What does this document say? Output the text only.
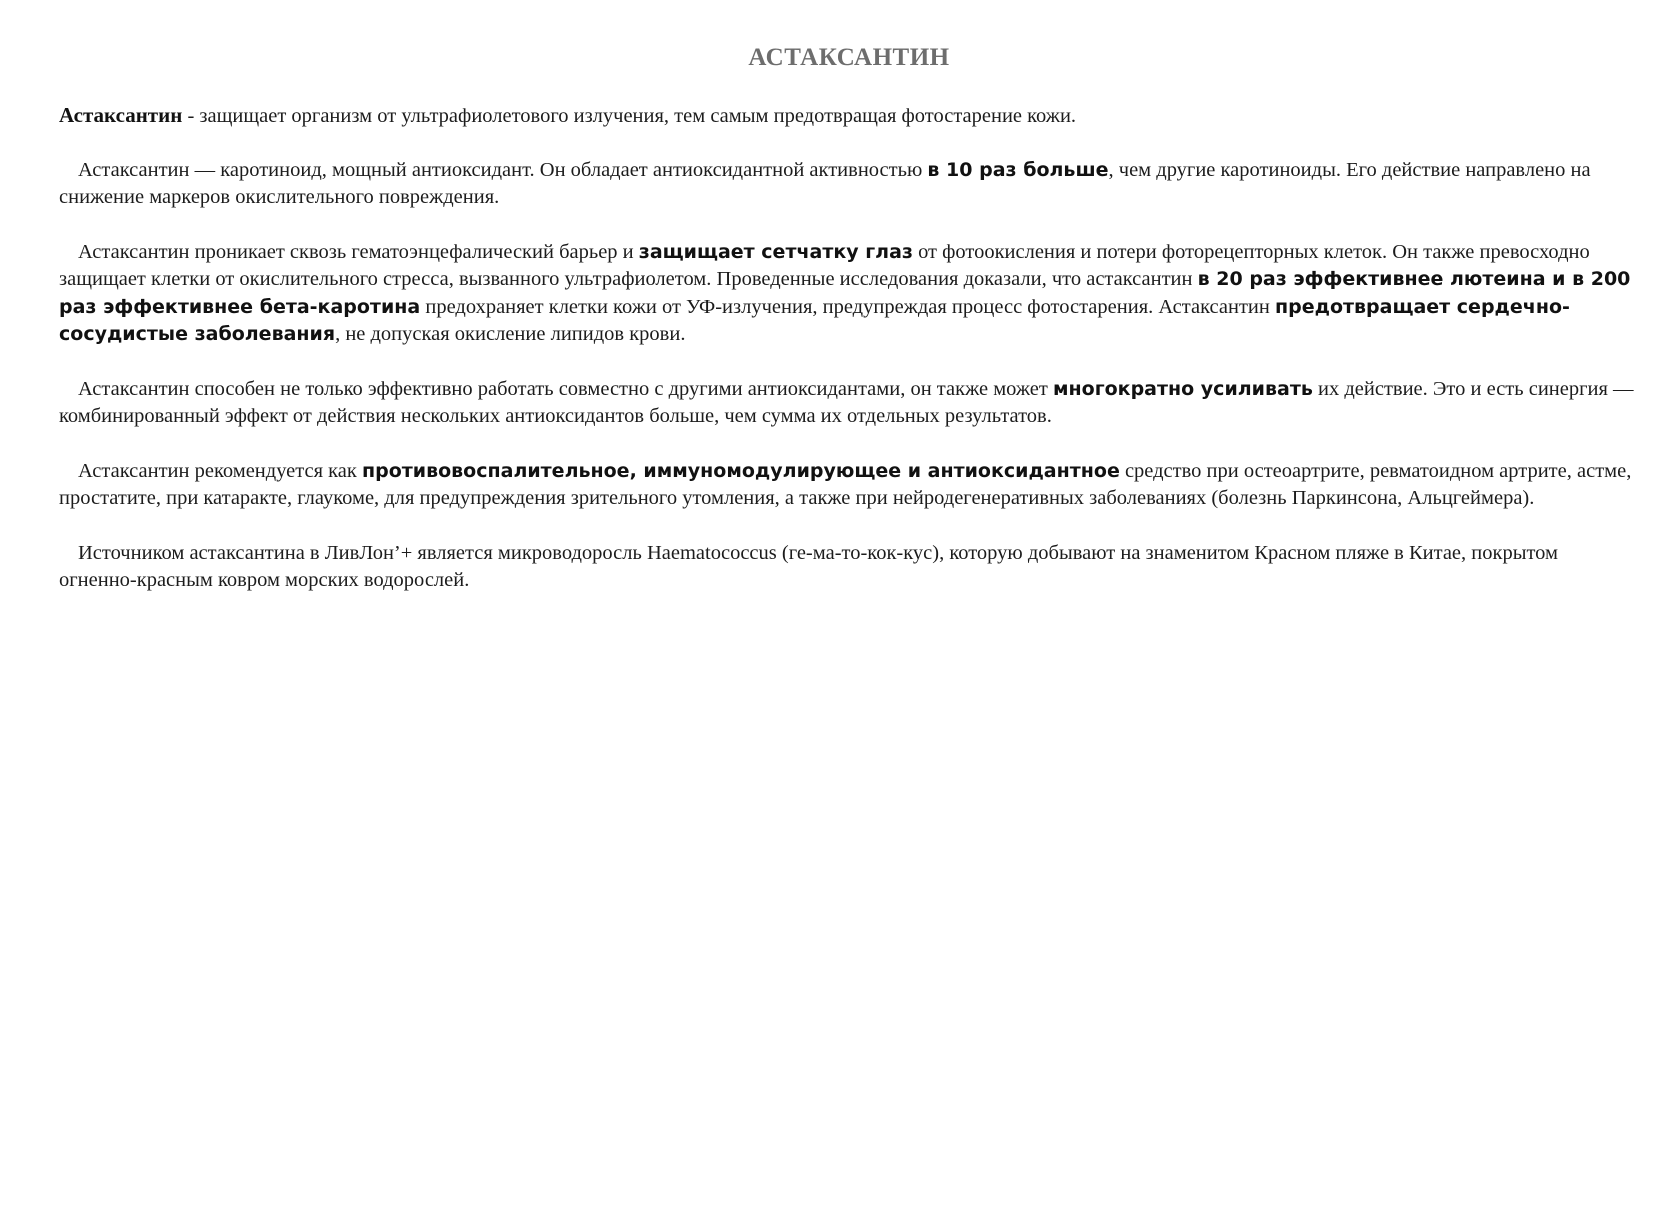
АСТАКСАНТИН

Астаксантин - защищает организм от ультрафиолетового излучения, тем самым предотвращая фотостарение кожи.

Астаксантин — каротиноид, мощный антиоксидант. Он обладает антиоксидантной активностью в 10 раз больше, чем другие каротиноиды. Его действие направлено на снижение маркеров окислительного повреждения.

Астаксантин проникает сквозь гематоэнцефалический барьер и защищает сетчатку глаз от фотоокисления и потери фоторецепторных клеток. Он также превосходно защищает клетки от окислительного стресса, вызванного ультрафиолетом. Проведенные исследования доказали, что астаксантин в 20 раз эффективнее лютеина и в 200 раз эффективнее бета-каротина предохраняет клетки кожи от УФ-излучения, предупреждая процесс фотостарения. Астаксантин предотвращает сердечно-сосудистые заболевания, не допуская окисление липидов крови.

Астаксантин способен не только эффективно работать совместно с другими антиоксидантами, он также может многократно усиливать их действие. Это и есть синергия — комбинированный эффект от действия нескольких антиоксидантов больше, чем сумма их отдельных результатов.

Астаксантин рекомендуется как противовоспалительное, иммуномодулирующее и антиоксидантное средство при остеоартрите, ревматоидном артрите, астме, простатите, при катаракте, глаукоме, для предупреждения зрительного утомления, а также при нейродегенеративных заболеваниях (болезнь Паркинсона, Альцгеймера).

Источником астаксантина в ЛивЛон’+ является микроводоросль Haematococcus (ге-ма-то-кок-кус), которую добывают на знаменитом Красном пляже в Китае, покрытом огненно-красным ковром морских водорослей.
